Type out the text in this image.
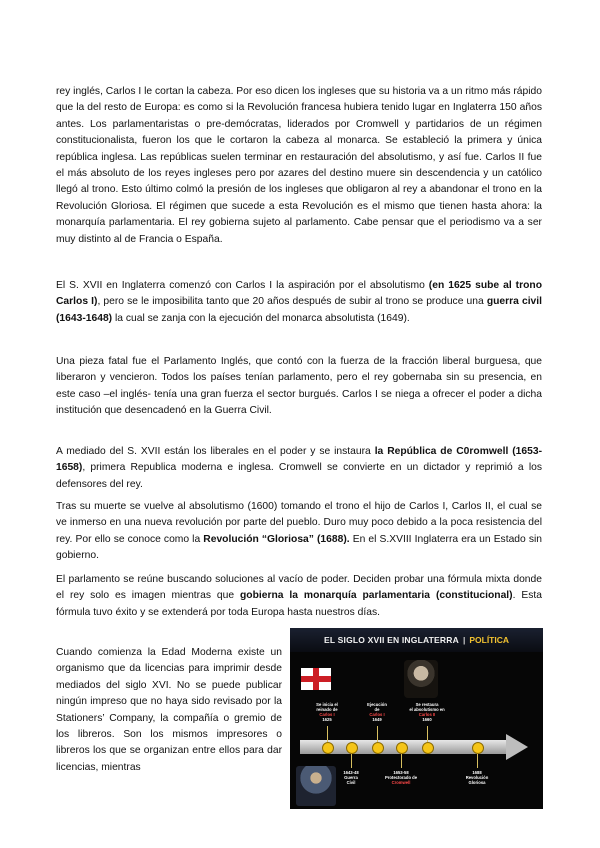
rey inglés, Carlos I le cortan la cabeza. Por eso dicen los ingleses que su historia va a un ritmo más rápido que la del resto de Europa: es como si la Revolución francesa hubiera tenido lugar en Inglaterra 150 años antes. Los parlamentaristas o pre-demócratas, liderados por Cromwell y partidarios de un régimen constitucionalista, fueron los que le cortaron la cabeza al monarca. Se estableció la primera y única república inglesa. Las repúblicas suelen terminar en restauración del absolutismo, y así fue. Carlos II fue el más absoluto de los reyes ingleses pero por azares del destino muere sin descendencia y un católico llegó al trono. Esto último colmó la presión de los ingleses que obligaron al rey a abandonar el trono en la Revolución Gloriosa. El régimen que sucede a esta Revolución es el mismo que tienen hasta ahora: la monarquía parlamentaria. El rey gobierna sujeto al parlamento. Cabe pensar que el periodismo va a ser muy distinto al de Francia o España.

El S. XVII en Inglaterra comenzó con Carlos I la aspiración por el absolutismo (en 1625 sube al trono Carlos I), pero se le imposibilita tanto que 20 años después de subir al trono se produce una guerra civil (1643-1648) la cual se zanja con la ejecución del monarca absolutista (1649).

Una pieza fatal fue el Parlamento Inglés, que contó con la fuerza de la fracción liberal burguesa, que liberaron y vencieron. Todos los países tenían parlamento, pero el rey gobernaba sin su presencia, en este caso –el inglés- tenía una gran fuerza el sector burgués. Carlos I se niega a ofrecer el poder a dicha institución que desencadenó en la Guerra Civil.

A mediado del S. XVII están los liberales en el poder y se instaura la República de C0romwell (1653-1658), primera Republica moderna e inglesa. Cromwell se convierte en un dictador y reprimió a los defensores del rey.

Tras su muerte se vuelve al absolutismo (1600) tomando el trono el hijo de Carlos I, Carlos II, el cual se ve inmerso en una nueva revolución por parte del pueblo. Duro muy poco debido a la poca resistencia del rey. Por ello se conoce como la Revolución “Gloriosa” (1688). En el S.XVIII Inglaterra era un Estado sin gobierno.

El parlamento se reúne buscando soluciones al vacío de poder. Deciden probar una fórmula mixta donde el rey solo es imagen mientras que gobierna la monarquía parlamentaria (constitucional). Esta fórmula tuvo éxito y se extenderá por toda Europa hasta nuestros días.

Cuando comienza la Edad Moderna existe un organismo que da licencias para imprimir desde mediados del siglo XVI. No se puede publicar ningún impreso que no haya sido revisado por la Stationers’ Company, la compañía o gremio de los libreros. Son los mismos impresores o libreros los que se organizan entre ellos para dar licencias, mientras

EL SIGLO XVII EN INGLATERRA | POLÍTICA
Se inicia el
reinado de
Carlos I
1625
Ejecución
de
Carlos I
1649
Se restaura
el absolutismo en
Carlos II
1660
1643-48
Guerra
Civil
1653-58
Protectorado de
Cromwell
1688
Revolución
Gloriosa
